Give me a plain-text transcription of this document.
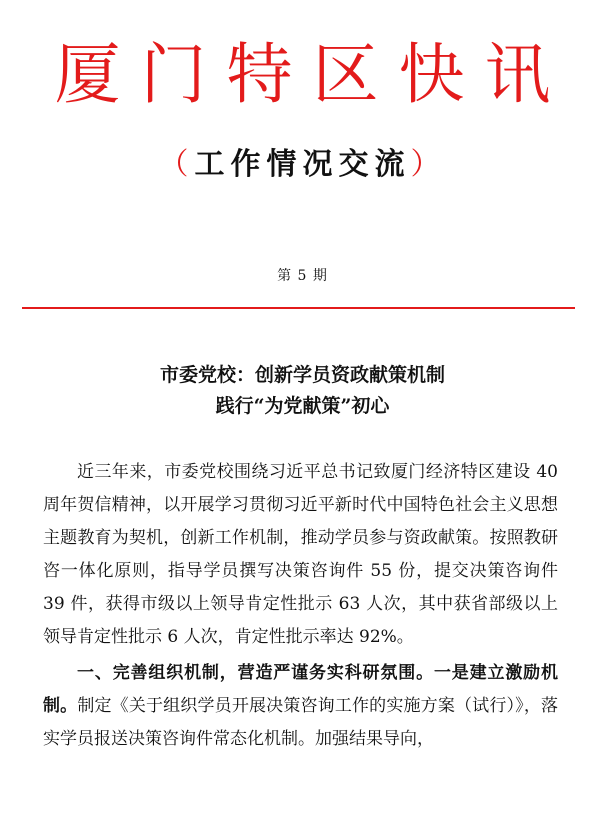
厦门特区快讯
（工作情况交流）
第 5 期
市委党校：创新学员资政献策机制
践行“为党献策”初心

近三年来，市委党校围绕习近平总书记致厦门经济特区建设 40 周年贺信精神，以开展学习贯彻习近平新时代中国特色社会主义思想主题教育为契机，创新工作机制，推动学员参与资政献策。按照教研咨一体化原则，指导学员撰写决策咨询件 55 份，提交决策咨询件 39 件，获得市级以上领导肯定性批示 63 人次，其中获省部级以上领导肯定性批示 6 人次，肯定性批示率达 92%。

一、完善组织机制，营造严谨务实科研氛围。一是建立激励机制。制定《关于组织学员开展决策咨询工作的实施方案（试行）》，落实学员报送决策咨询件常态化机制。加强结果导向，
